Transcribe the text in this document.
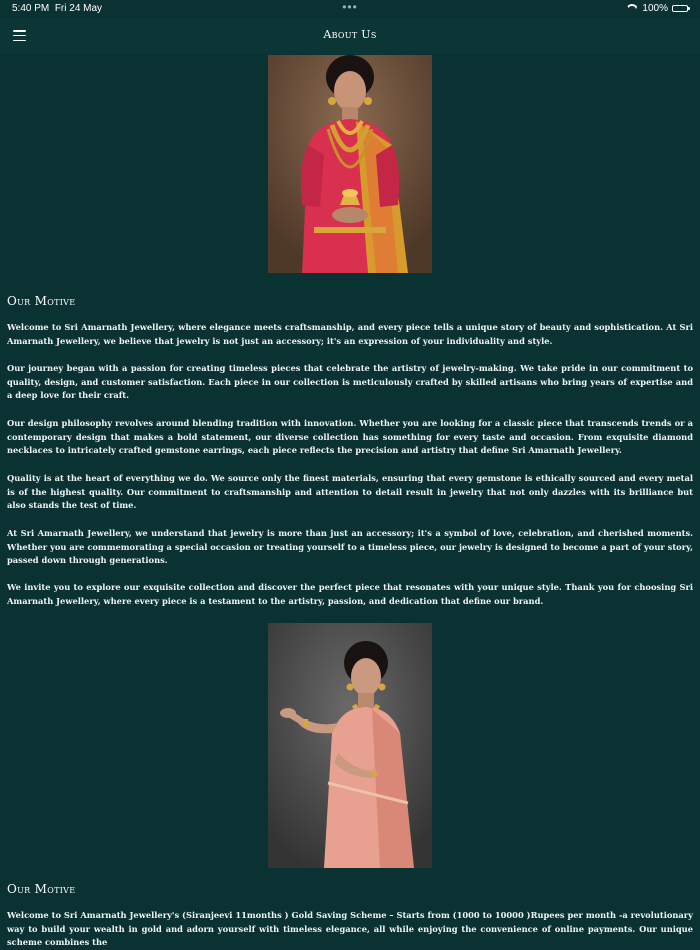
5:40 PM Fri 24 May	•••	100%
About Us
Our Motive

Welcome to Sri Amarnath Jewellery, where elegance meets craftsmanship, and every piece tells a unique story of beauty and sophistication. At Sri Amarnath Jewellery, we believe that jewelry is not just an accessory; it's an expression of your individuality and style.

Our journey began with a passion for creating timeless pieces that celebrate the artistry of jewelry-making. We take pride in our commitment to quality, design, and customer satisfaction. Each piece in our collection is meticulously crafted by skilled artisans who bring years of expertise and a deep love for their craft.

Our design philosophy revolves around blending tradition with innovation. Whether you are looking for a classic piece that transcends trends or a contemporary design that makes a bold statement, our diverse collection has something for every taste and occasion. From exquisite diamond necklaces to intricately crafted gemstone earrings, each piece reflects the precision and artistry that define Sri Amarnath Jewellery.

Quality is at the heart of everything we do. We source only the finest materials, ensuring that every gemstone is ethically sourced and every metal is of the highest quality. Our commitment to craftsmanship and attention to detail result in jewelry that not only dazzles with its brilliance but also stands the test of time.

At Sri Amarnath Jewellery, we understand that jewelry is more than just an accessory; it's a symbol of love, celebration, and cherished moments. Whether you are commemorating a special occasion or treating yourself to a timeless piece, our jewelry is designed to become a part of your story, passed down through generations.

We invite you to explore our exquisite collection and discover the perfect piece that resonates with your unique style. Thank you for choosing Sri Amarnath Jewellery, where every piece is a testament to the artistry, passion, and dedication that define our brand.

Our Motive

Welcome to Sri Amarnath Jewellery's (Siranjeevi 11months ) Gold Saving Scheme – Starts from (1000 to 10000 )Rupees per month -a revolutionary way to build your wealth in gold and adorn yourself with timeless elegance, all while enjoying the convenience of online payments. Our unique scheme combines the
